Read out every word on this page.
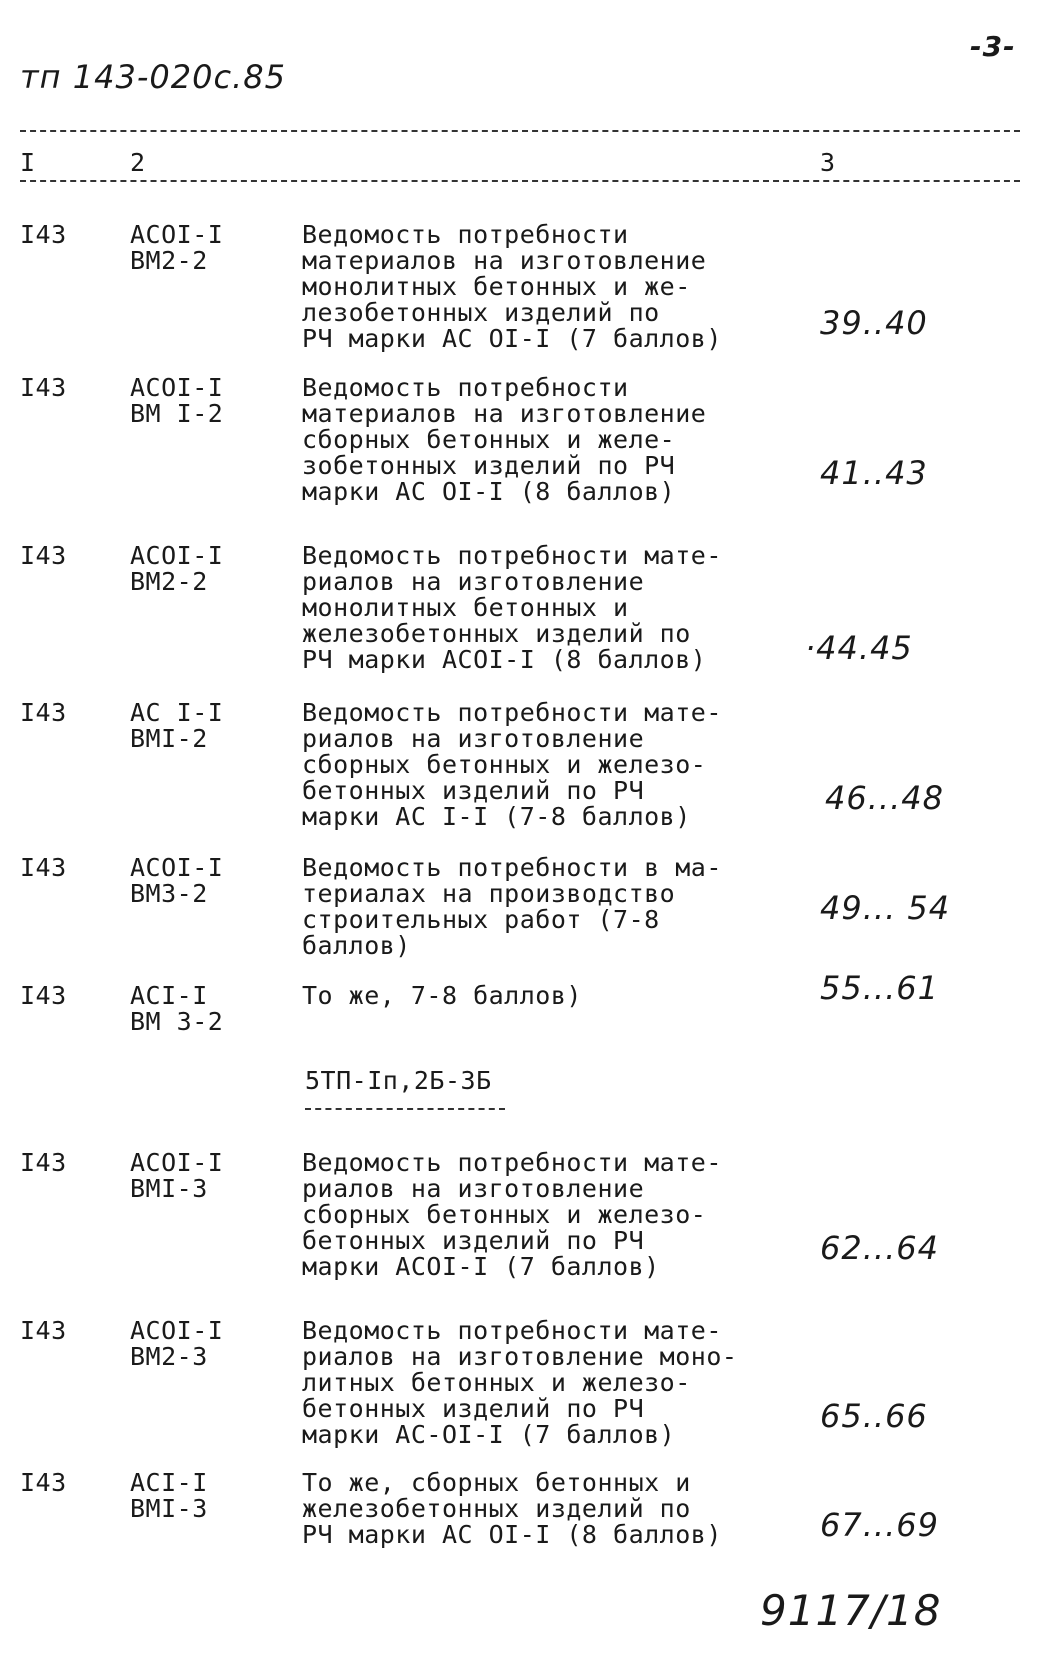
-3-
тп 143-020с.85
I	2	3
I43	АСОI-I
ВМ2-2
Ведомость потребности
материалов на изготовление
монолитных бетонных и же-
лезобетонных изделий по
РЧ марки АС ОI-I (7 баллов)	39..40
I43	АСОI-I
ВМ I-2
Ведомость потребности
материалов на изготовление
сборных бетонных и желе-
зобетонных изделий по РЧ
марки АС ОI-I (8 баллов)	41..43
I43	АСОI-I
ВМ2-2
Ведомость потребности мате-
риалов на изготовление
монолитных бетонных и
железобетонных изделий по
РЧ марки АСОI-I (8 баллов)	·44.45
I43	АС I-I
ВМI-2
Ведомость потребности мате-
риалов на изготовление
сборных бетонных и железо-
бетонных изделий по РЧ
марки АС I-I (7-8 баллов)	46...48
I43	АСОI-I
ВМ3-2
Ведомость потребности в ма-
териалах на производство
строительных работ (7-8
баллов)
49... 54
I43	АСI-I
ВМ 3-2
То же, 7-8 баллов)	55...61
5ТП-Iп,2Б-3Б
I43	АСОI-I
ВМI-3
Ведомость потребности мате-
риалов на изготовление
сборных бетонных и железо-
бетонных изделий по РЧ
марки АСОI-I (7 баллов)	62...64
I43	АСОI-I
ВМ2-3
Ведомость потребности мате-
риалов на изготовление моно-
литных бетонных и железо-
бетонных изделий по РЧ
марки АС-ОI-I (7 баллов)	65..66
I43	АСI-I
ВМI-3
То же, сборных бетонных и
железобетонных изделий по
РЧ марки АС ОI-I (8 баллов)	67...69
9117/18
